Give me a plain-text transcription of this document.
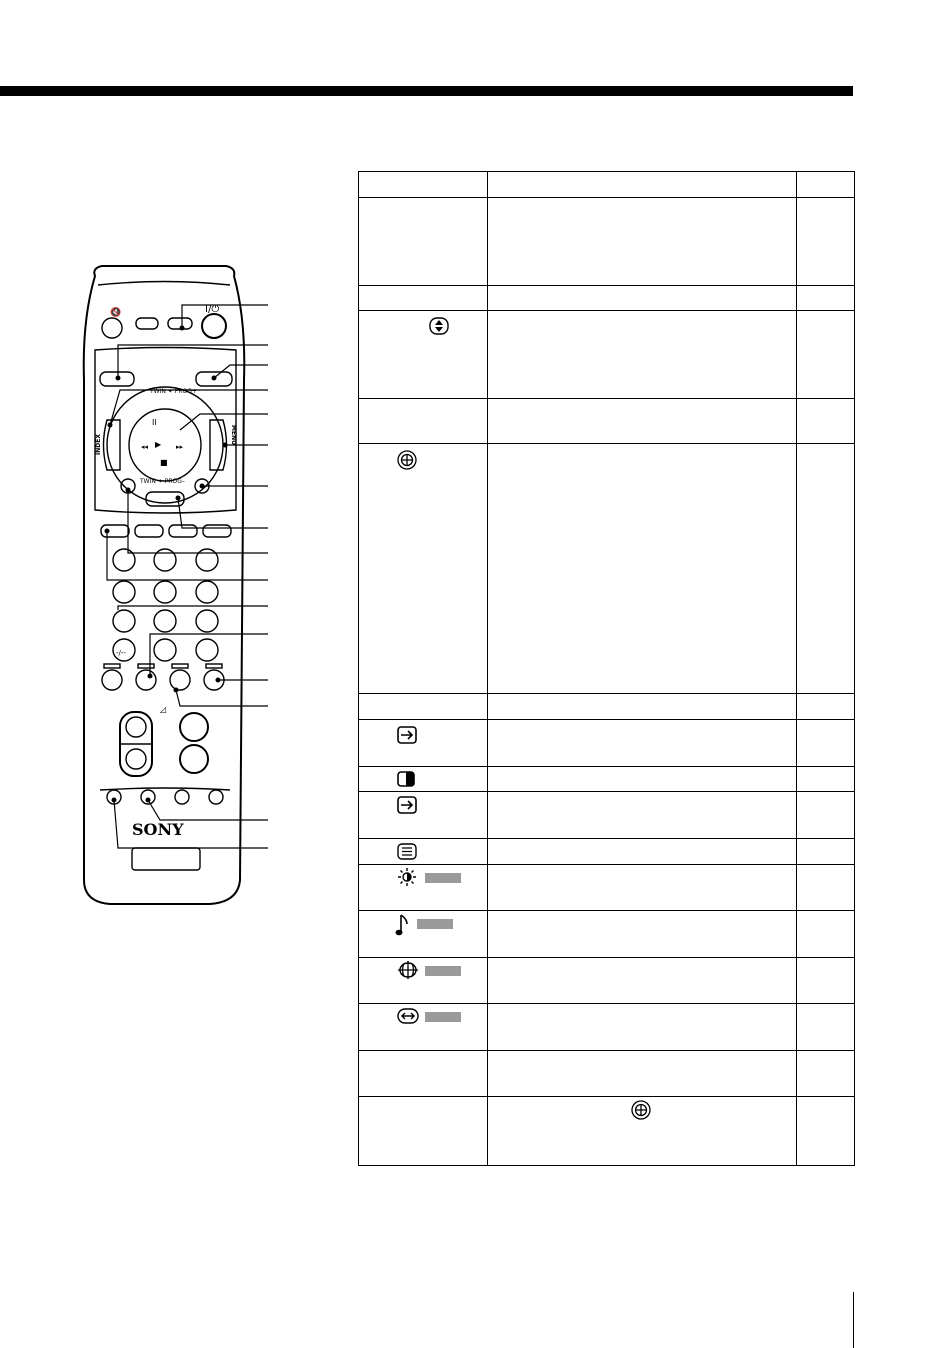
🔇	I/⏻
II
▶
■
◂◂	▸▸
-/--
◿
SONY
TWIN ✦ PROG+
TWIN ✦ PROG–
INDEX	MENU
